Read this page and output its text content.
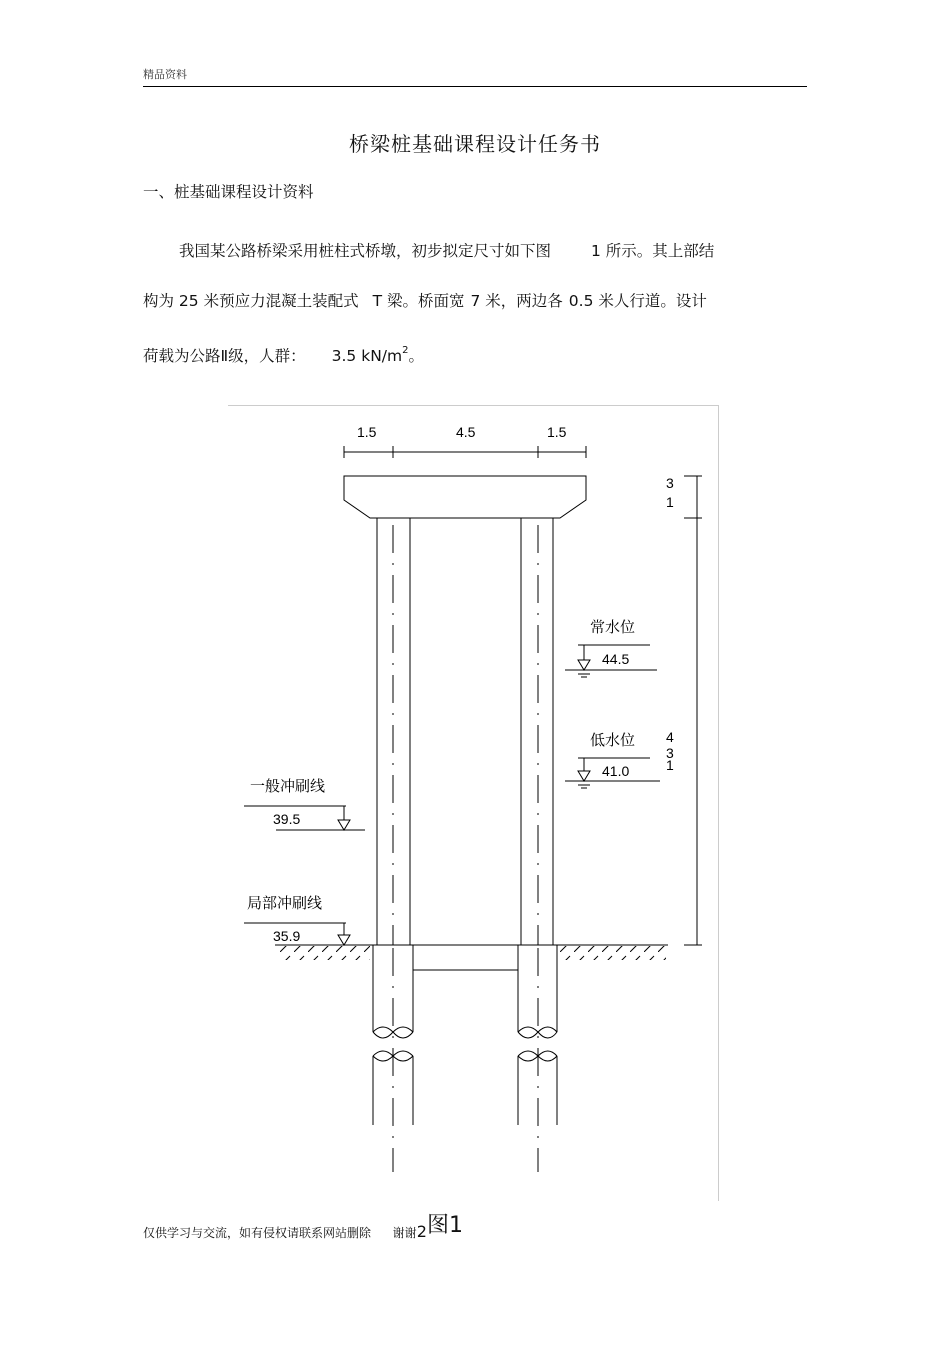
精品资料
桥梁桩基础课程设计任务书
一、桩基础课程设计资料
我国某公路桥梁采用桩柱式桥墩，初步拟定尺寸如下图	1 所示。其上部结
构为 25 米预应力混凝土装配式 T 梁。桥面宽 7 米，两边各 0.5 米人行道。设计
荷载为公路Ⅱ级，人群： 3.5 $kN/m^2$。
1.5	4.5	1.5
3
1
4
3
1
常水位
44.5
低水位
41.0
一般冲刷线
39.5
局部冲刷线
35.9
图1
仅供学习与交流，如有侵权请联系网站删除 谢谢2
